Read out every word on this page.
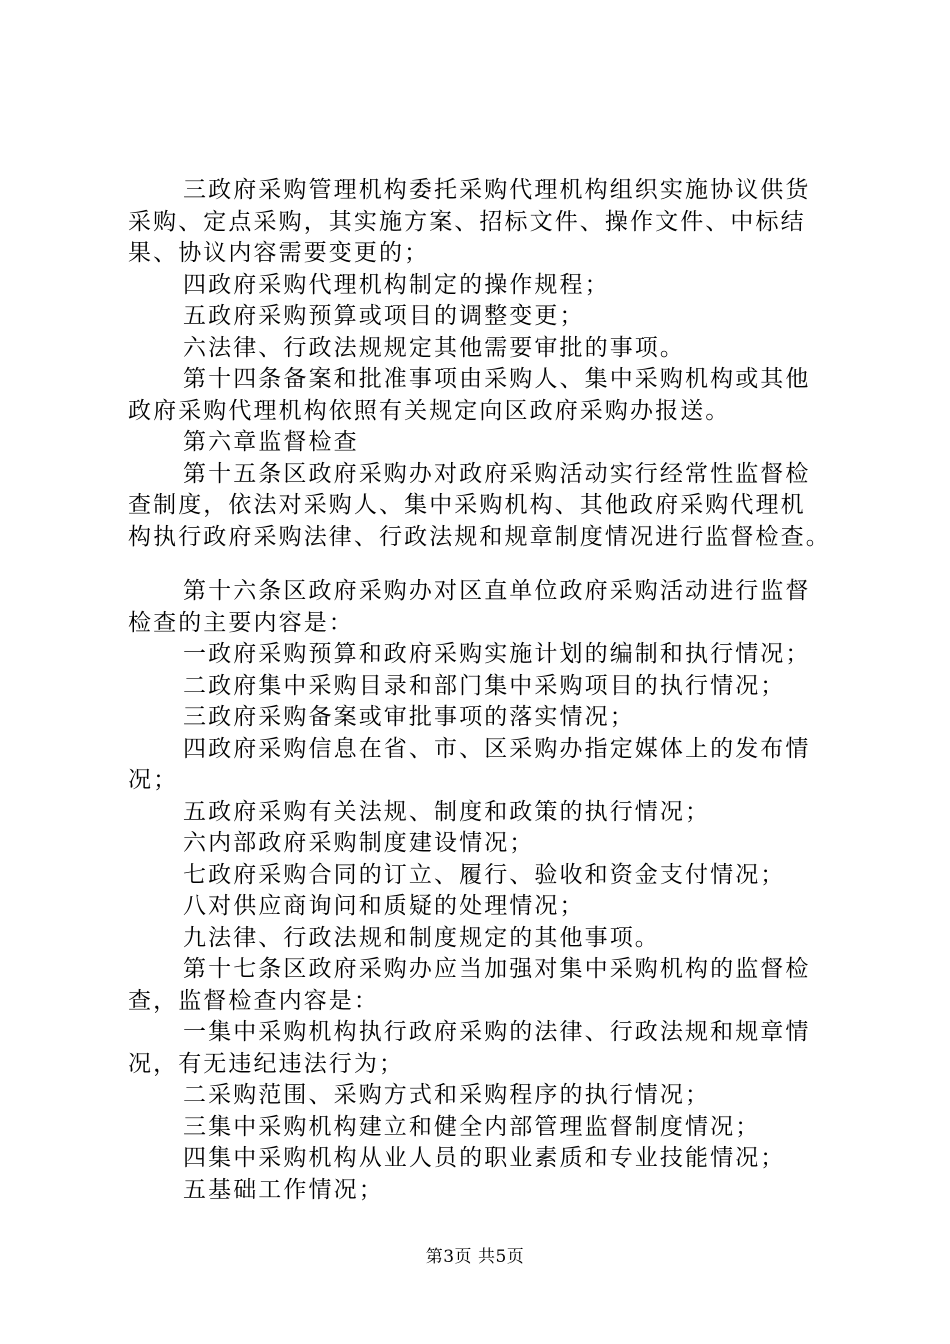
三政府采购管理机构委托采购代理机构组织实施协议供货
采购、定点采购，其实施方案、招标文件、操作文件、中标结
果、协议内容需要变更的；
四政府采购代理机构制定的操作规程；
五政府采购预算或项目的调整变更；
六法律、行政法规规定其他需要审批的事项。
第十四条备案和批准事项由采购人、集中采购机构或其他
政府采购代理机构依照有关规定向区政府采购办报送。
第六章监督检查
第十五条区政府采购办对政府采购活动实行经常性监督检
查制度，依法对采购人、集中采购机构、其他政府采购代理机
构执行政府采购法律、行政法规和规章制度情况进行监督检查。
第十六条区政府采购办对区直单位政府采购活动进行监督
检查的主要内容是：
一政府采购预算和政府采购实施计划的编制和执行情况；
二政府集中采购目录和部门集中采购项目的执行情况；
三政府采购备案或审批事项的落实情况；
四政府采购信息在省、市、区采购办指定媒体上的发布情
况；
五政府采购有关法规、制度和政策的执行情况；
六内部政府采购制度建设情况；
七政府采购合同的订立、履行、验收和资金支付情况；
八对供应商询问和质疑的处理情况；
九法律、行政法规和制度规定的其他事项。
第十七条区政府采购办应当加强对集中采购机构的监督检
查，监督检查内容是：
一集中采购机构执行政府采购的法律、行政法规和规章情
况，有无违纪违法行为；
二采购范围、采购方式和采购程序的执行情况；
三集中采购机构建立和健全内部管理监督制度情况；
四集中采购机构从业人员的职业素质和专业技能情况；
五基础工作情况；
第3页 共5页
